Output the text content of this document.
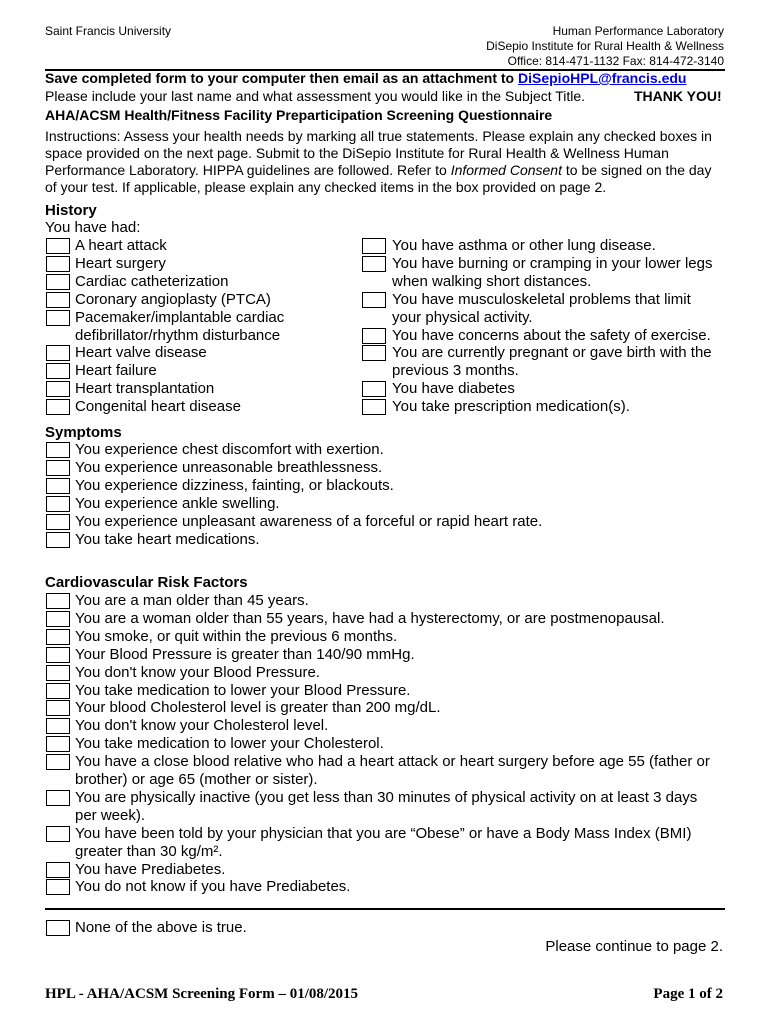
Saint Francis University	Human Performance Laboratory
DiSepio Institute for Rural Health & Wellness
Office: 814-471-1132 Fax: 814-472-3140
Save completed form to your computer then email as an attachment to DiSepioHPL@francis.edu
Please include your last name and what assessment you would like in the Subject Title.	THANK YOU!
AHA/ACSM Health/Fitness Facility Preparticipation Screening Questionnaire
Instructions: Assess your health needs by marking all true statements. Please explain any checked boxes in space provided on the next page. Submit to the DiSepio Institute for Rural Health & Wellness Human Performance Laboratory. HIPPA guidelines are followed. Refer to Informed Consent to be signed on the day of your test. If applicable, please explain any checked items in the box provided on page 2.
History
You have had:
A heart attack
Heart surgery
Cardiac catheterization
Coronary angioplasty (PTCA)
Pacemaker/implantable cardiac
defibrillator/rhythm disturbance
Heart valve disease
Heart failure
Heart transplantation
Congenital heart disease
You have asthma or other lung disease.
You have burning or cramping in your lower legs
when walking short distances.
You have musculoskeletal problems that limit
your physical activity.
You have concerns about the safety of exercise.
You are currently pregnant or gave birth with the
previous 3 months.
You have diabetes
You take prescription medication(s).
Symptoms
You experience chest discomfort with exertion.
You experience unreasonable breathlessness.
You experience dizziness, fainting, or blackouts.
You experience ankle swelling.
You experience unpleasant awareness of a forceful or rapid heart rate.
You take heart medications.
Cardiovascular Risk Factors
You are a man older than 45 years.
You are a woman older than 55 years, have had a hysterectomy, or are postmenopausal.
You smoke, or quit within the previous 6 months.
Your Blood Pressure is greater than 140/90 mmHg.
You don't know your Blood Pressure.
You take medication to lower your Blood Pressure.
Your blood Cholesterol level is greater than 200 mg/dL.
You don't know your Cholesterol level.
You take medication to lower your Cholesterol.
You have a close blood relative who had a heart attack or heart surgery before age 55 (father or
brother) or age 65 (mother or sister).
You are physically inactive (you get less than 30 minutes of physical activity on at least 3 days
per week).
You have been told by your physician that you are “Obese” or have a Body Mass Index (BMI)
greater than 30 kg/m².
You have Prediabetes.
You do not know if you have Prediabetes.
None of the above is true.
Please continue to page 2.
HPL - AHA/ACSM Screening Form – 01/08/2015	Page 1 of 2
